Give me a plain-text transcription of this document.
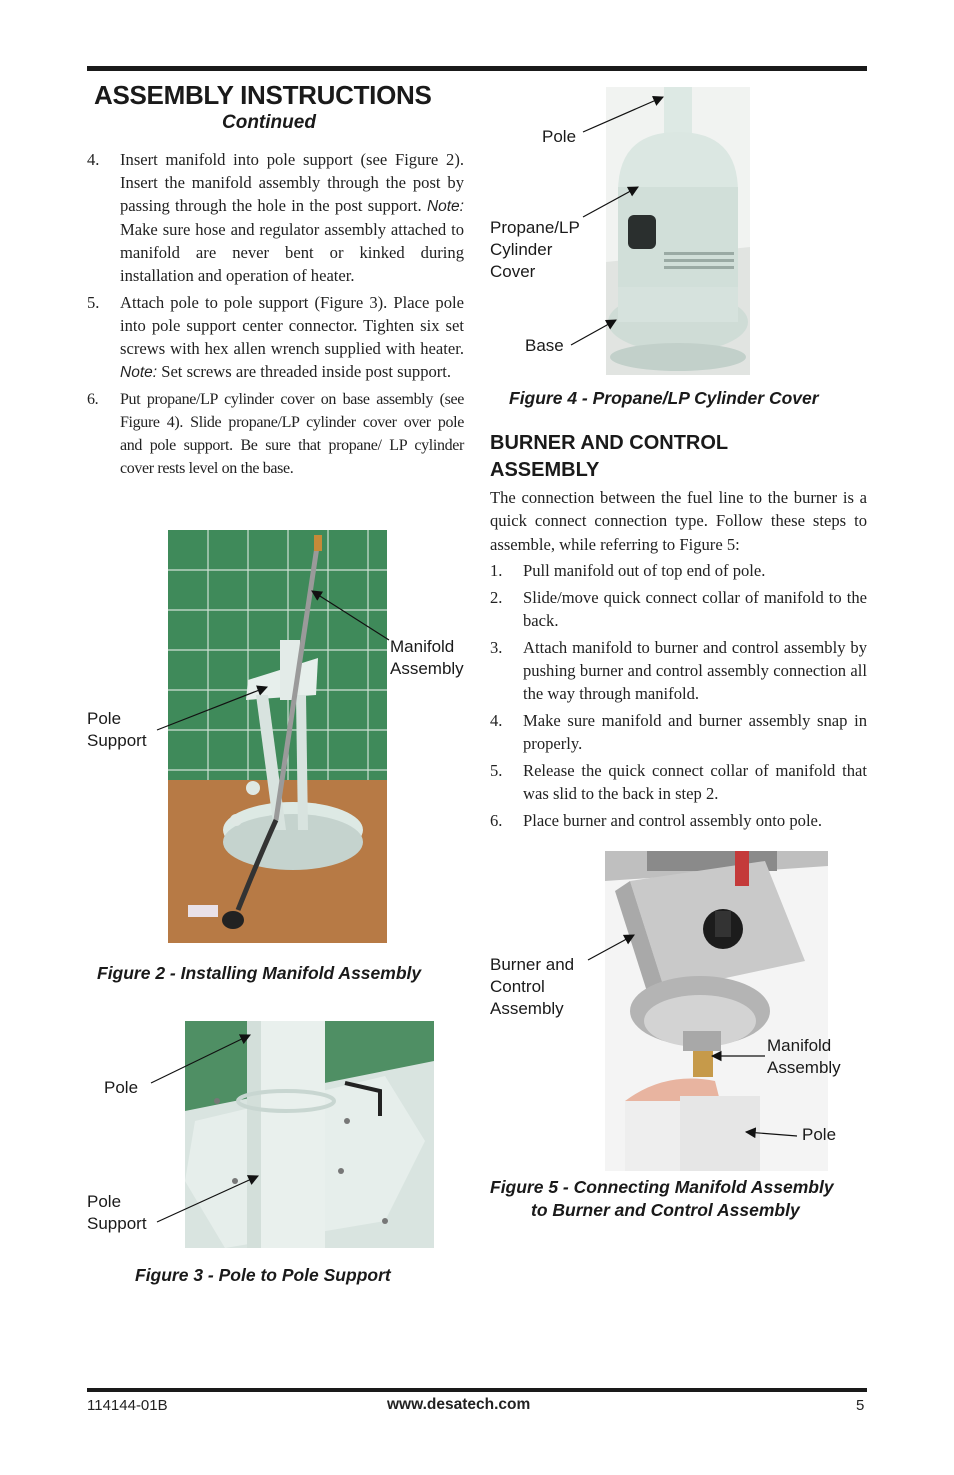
ASSEMBLY INSTRUCTIONS
Continued
4. Insert manifold into pole support (see Figure 2). Insert the manifold assembly through the post by passing through the hole in the post support. Note: Make sure hose and regulator assembly attached to manifold are never bent or kinked during installation and operation of heater.
5. Attach pole to pole support (Figure 3). Place pole into pole support center connector. Tighten six set screws with hex allen wrench supplied with heater. Note: Set screws are threaded inside post support.
6. Put propane/LP cylinder cover on base assembly (see Figure 4). Slide propane/LP cylinder cover over pole and pole support. Be sure that propane/ LP cylinder cover rests level on the base.
Manifold
Assembly
Pole
Support
Figure 2 - Installing Manifold Assembly
Pole
Pole
Support
Figure 3 - Pole to Pole Support
Pole
Propane/LP
Cylinder
Cover
Base
Figure 4 - Propane/LP Cylinder Cover
BURNER AND CONTROL ASSEMBLY
The connection between the fuel line to the burner is a quick connect connection type. Follow these steps to assemble, while referring to Figure 5:
1. Pull manifold out of top end of pole.
2. Slide/move quick connect collar of manifold to the back.
3. Attach manifold to burner and control assembly by pushing burner and control assembly connection all the way through manifold.
4. Make sure manifold and burner assembly snap in properly.
5. Release the quick connect collar of manifold that was slid to the back in step 2.
6. Place burner and control assembly onto pole.
Burner and
Control
Assembly
Manifold
Assembly
Pole
Figure 5 - Connecting Manifold Assembly
to Burner and Control Assembly
114144-01B	www.desatech.com	5
